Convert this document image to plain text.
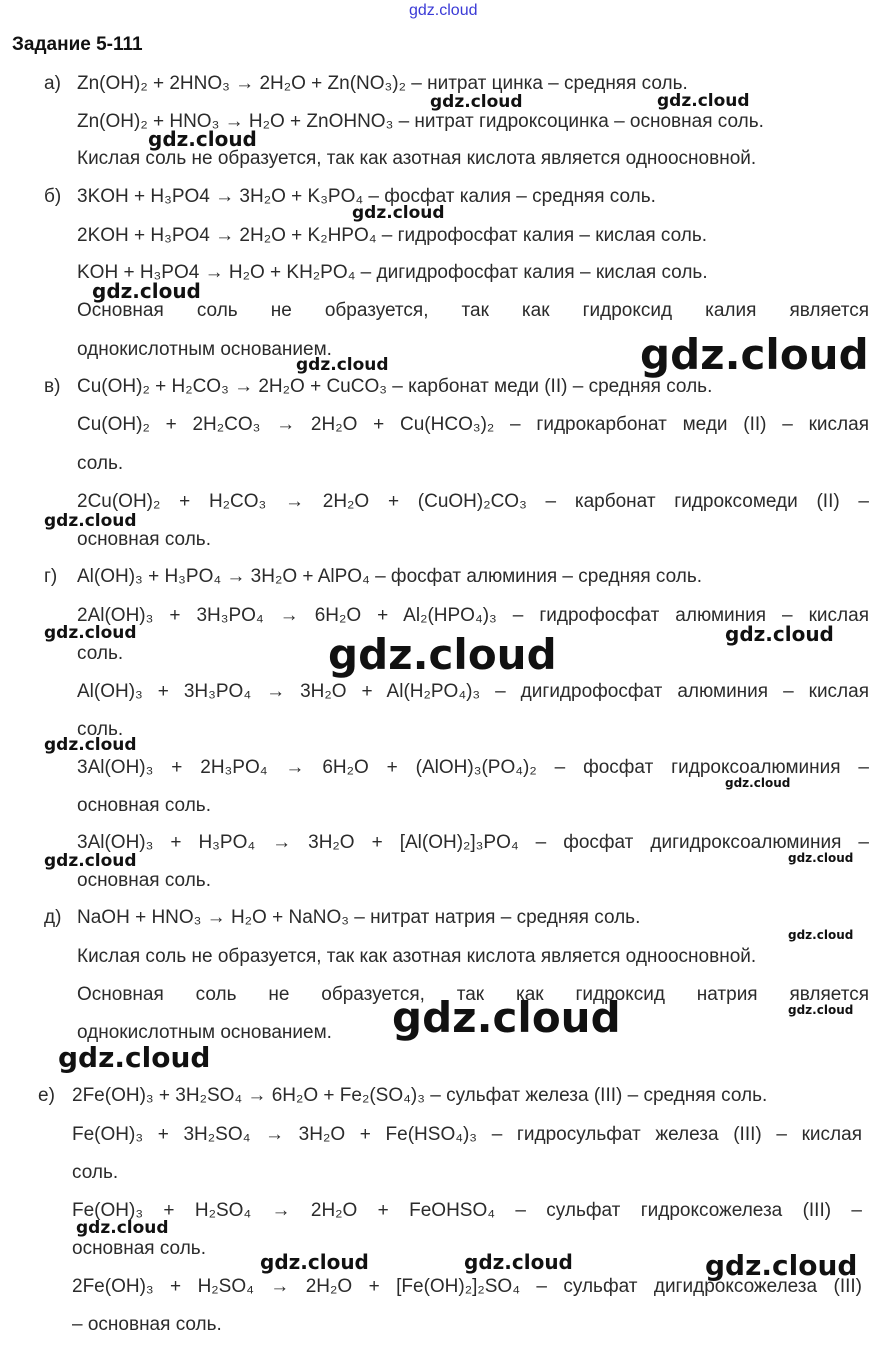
gdz.cloud
Задание 5-111
а)
б)
в)
г)
д)
е)
Zn(OH)₂ + 2HNO₃ → 2H₂O + Zn(NO₃)₂ – нитрат цинка – средняя соль.
Zn(OH)₂ + HNO₃ → H₂O + ZnOHNO₃ – нитрат гидроксоцинка – основная соль.
Кислая соль не образуется, так как азотная кислота является одноосновной.
3KOH + H₃PO4 → 3H₂O + K₃PO₄ – фосфат калия – средняя соль.
2KOH + H₃PO4 → 2H₂O + K₂HPO₄ – гидрофосфат калия – кислая соль.
KOH + H₃PO4 → H₂O + KH₂PO₄ – дигидрофосфат калия – кислая соль.
Основная соль не образуется, так как гидроксид калия является
однокислотным основанием.
Cu(OH)₂ + H₂CO₃ → 2H₂O + CuCO₃ – карбонат меди (II) – средняя соль.
Cu(OH)₂ + 2H₂CO₃ → 2H₂O + Cu(HCO₃)₂ – гидрокарбонат меди (II) – кислая
соль.
2Cu(OH)₂ + H₂CO₃ → 2H₂O + (CuOH)₂CO₃ – карбонат гидроксомеди (II) –
основная соль.
Al(OH)₃ + H₃PO₄ → 3H₂O + AlPO₄ – фосфат алюминия – средняя соль.
2Al(OH)₃ + 3H₃PO₄ → 6H₂O + Al₂(HPO₄)₃ – гидрофосфат алюминия – кислая
соль.
Al(OH)₃ + 3H₃PO₄ → 3H₂O + Al(H₂PO₄)₃ – дигидрофосфат алюминия – кислая
соль.
3Al(OH)₃ + 2H₃PO₄ → 6H₂O + (AlOH)₃(PO₄)₂ – фосфат гидроксоалюминия –
основная соль.
3Al(OH)₃ + H₃PO₄ → 3H₂O + [Al(OH)₂]₃PO₄ – фосфат дигидроксоалюминия –
основная соль.
NaOH + HNO₃ → H₂O + NaNO₃ – нитрат натрия – средняя соль.
Кислая соль не образуется, так как азотная кислота является одноосновной.
Основная соль не образуется, так как гидроксид натрия является
однокислотным основанием.
2Fe(OH)₃ + 3H₂SO₄ → 6H₂O + Fe₂(SO₄)₃ – сульфат железа (III) – средняя соль.
Fe(OH)₃ + 3H₂SO₄ → 3H₂O + Fe(HSO₄)₃ – гидросульфат железа (III) – кислая
соль.
Fe(OH)₃ + H₂SO₄ → 2H₂O + FeOHSO₄ – сульфат гидроксожелеза (III) –
основная соль.
2Fe(OH)₃ + H₂SO₄ → 2H₂O + [Fe(OH)₂]₂SO₄ – сульфат дигидроксожелеза (III)
– основная соль.
gdz.cloud	gdz.cloud
gdz.cloud
gdz.cloud
gdz.cloud
gdz.cloud	gdz.cloud
gdz.cloud
gdz.cloud	gdz.cloud
gdz.cloud
gdz.cloud
gdz.cloud
gdz.cloud	gdz.cloud
gdz.cloud
gdz.cloud
gdz.cloud
gdz.cloud
gdz.cloud
gdz.cloud	gdz.cloud	gdz.cloud
